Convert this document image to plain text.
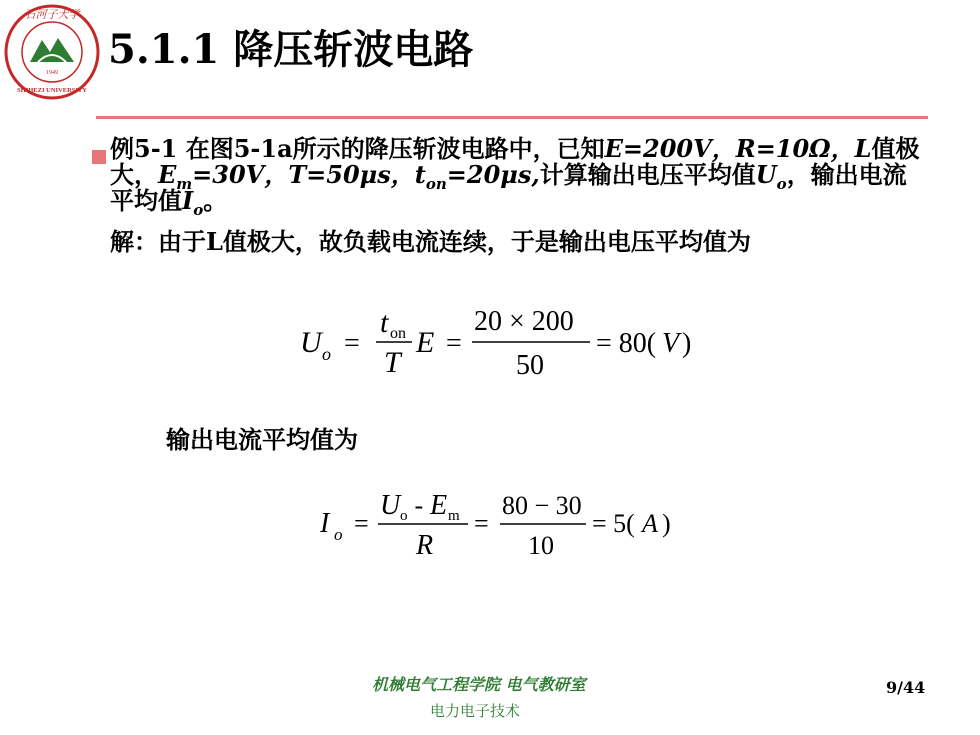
石河子大学
1949
SHIHEZI UNIVERSITY
5.1.1 降压斩波电路
例5-1 在图5-1a所示的降压斩波电路中，已知E=200V，R=10Ω，L值极大，$E_m=30V$，T=50μs，$t_{on}=20\mu s$,计算输出电压平均值$U_o$，输出电流平均值$I_o$。
解：由于L值极大，故负载电流连续，于是输出电压平均值为
U o =
t on
T
E =
20 × 200
50
= 80( V )
输出电流平均值为
I o =
U o - E m
R
=
80 − 30
10
= 5( A )
机械电气工程学院 电气教研室
电力电子技术
9/44
